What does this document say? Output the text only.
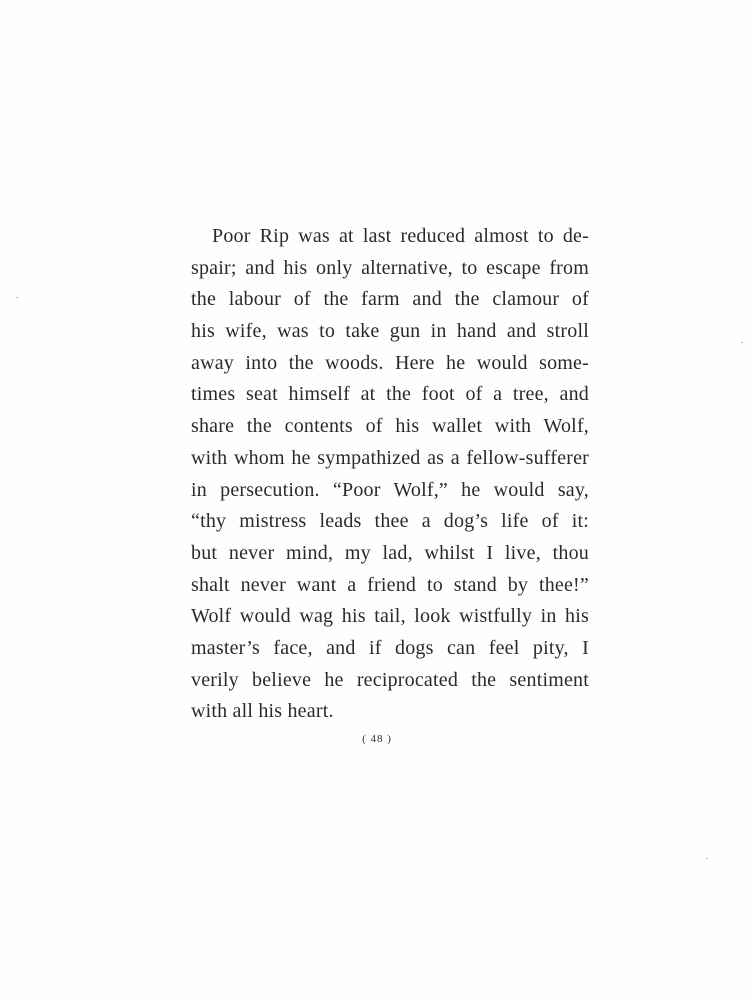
Poor Rip was at last reduced almost to de-
spair; and his only alternative, to escape from
the labour of the farm and the clamour of
his wife, was to take gun in hand and stroll
away into the woods. Here he would some-
times seat himself at the foot of a tree, and
share the contents of his wallet with Wolf,
with whom he sympathized as a fellow-sufferer
in persecution. “Poor Wolf,” he would say,
“thy mistress leads thee a dog’s life of it:
but never mind, my lad, whilst I live, thou
shalt never want a friend to stand by thee!”
Wolf would wag his tail, look wistfully in his
master’s face, and if dogs can feel pity, I
verily believe he reciprocated the sentiment
with all his heart.
( 48 )
